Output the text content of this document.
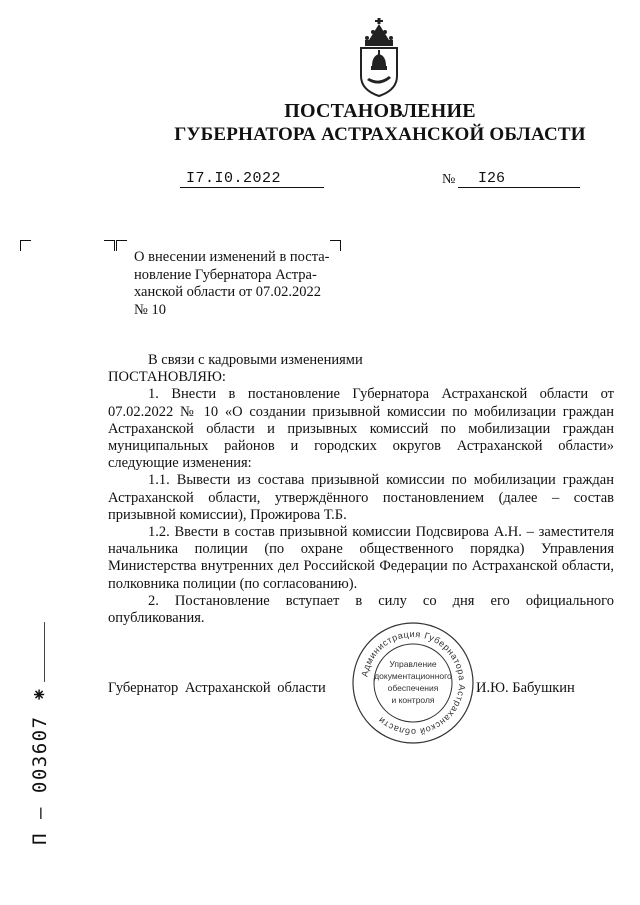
ПОСТАНОВЛЕНИЕ
ГУБЕРНАТОРА АСТРАХАНСКОЙ ОБЛАСТИ
I7.I0.2022	№	I26
О внесении изменений в поста-
новление Губернатора Астра-
ханской области от 07.02.2022
№ 10

В связи с кадровыми изменениями

ПОСТАНОВЛЯЮ:

1. Внести в постановление Губернатора Астраханской области от 07.02.2022 № 10 «О создании призывной комиссии по мобилизации граждан Астраханской области и призывных комиссий по мобилизации граждан муниципальных районов и городских округов Астраханской области» следующие изменения:

1.1. Вывести из состава призывной комиссии по мобилизации граждан Астраханской области, утверждённого постановлением (далее – состав призывной комиссии), Прожирова Т.Б.

1.2. Ввести в состав призывной комиссии Подсвирова А.Н. – заместителя начальника полиции (по охране общественного порядка) Управления Министерства внутренних дел Российской Федерации по Астраханской области, полковника полиции (по согласованию).

2. Постановление вступает в силу со дня его официального опубликования.

Администрация Губернатора Астраханской области
Управление
документационного
обеспечения
и контроля
Губернатор Астраханской области	И.Ю. Бабушкин
П – 003607 ⁕
